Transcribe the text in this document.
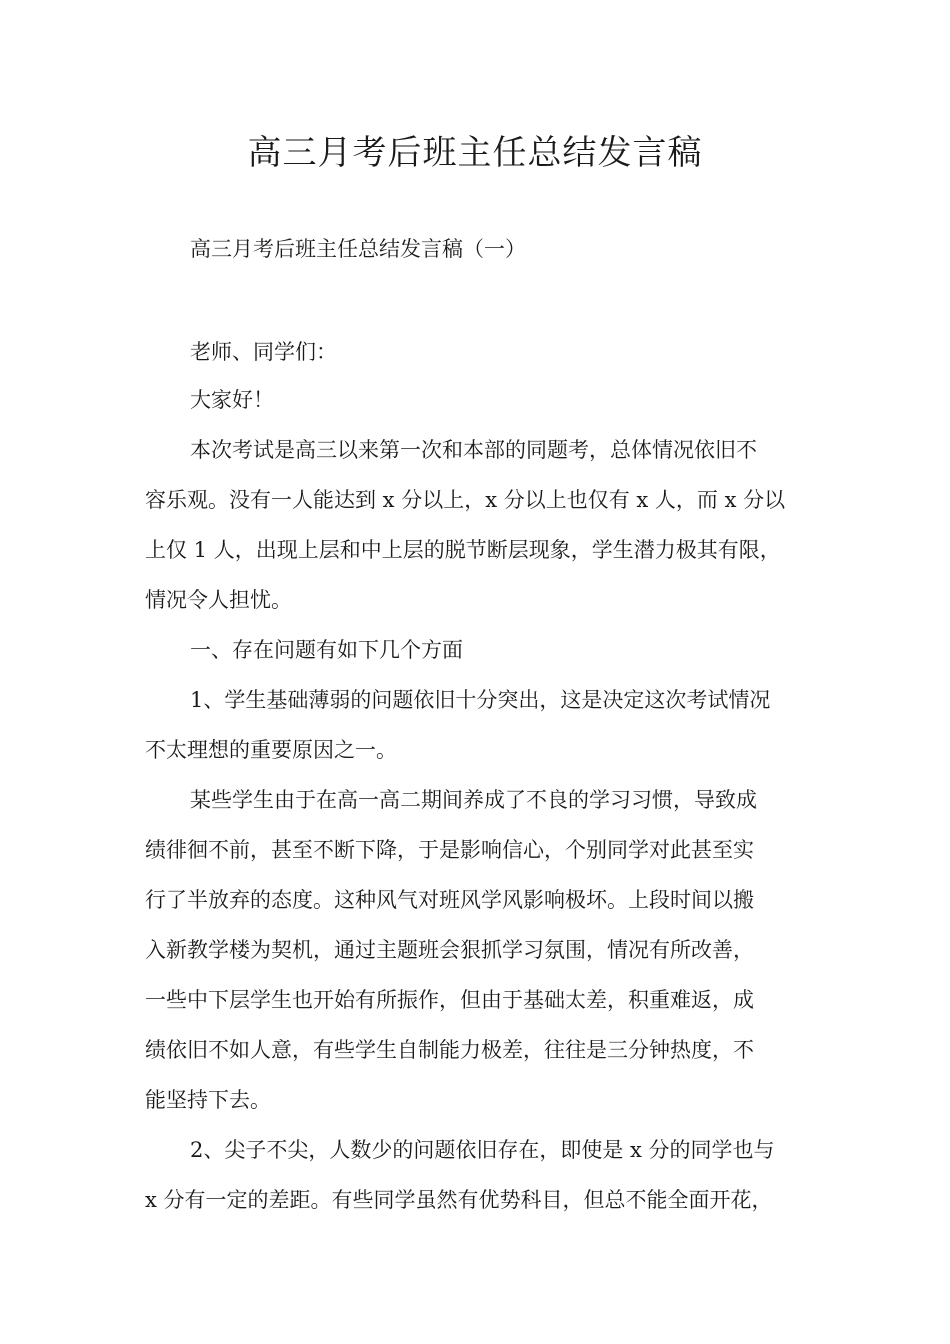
高三月考后班主任总结发言稿

高三月考后班主任总结发言稿（一）

老师、同学们：

大家好！

本次考试是高三以来第一次和本部的同题考，总体情况依旧不

容乐观。没有一人能达到 x 分以上，x 分以上也仅有 x 人，而 x 分以

上仅 1 人，出现上层和中上层的脱节断层现象，学生潜力极其有限，

情况令人担忧。

一、存在问题有如下几个方面

1、学生基础薄弱的问题依旧十分突出，这是决定这次考试情况

不太理想的重要原因之一。

某些学生由于在高一高二期间养成了不良的学习习惯，导致成

绩徘徊不前，甚至不断下降，于是影响信心，个别同学对此甚至实

行了半放弃的态度。这种风气对班风学风影响极坏。上段时间以搬

入新教学楼为契机，通过主题班会狠抓学习氛围，情况有所改善，

一些中下层学生也开始有所振作，但由于基础太差，积重难返，成

绩依旧不如人意，有些学生自制能力极差，往往是三分钟热度，不

能坚持下去。

2、尖子不尖，人数少的问题依旧存在，即使是 x 分的同学也与

x 分有一定的差距。有些同学虽然有优势科目，但总不能全面开花，
